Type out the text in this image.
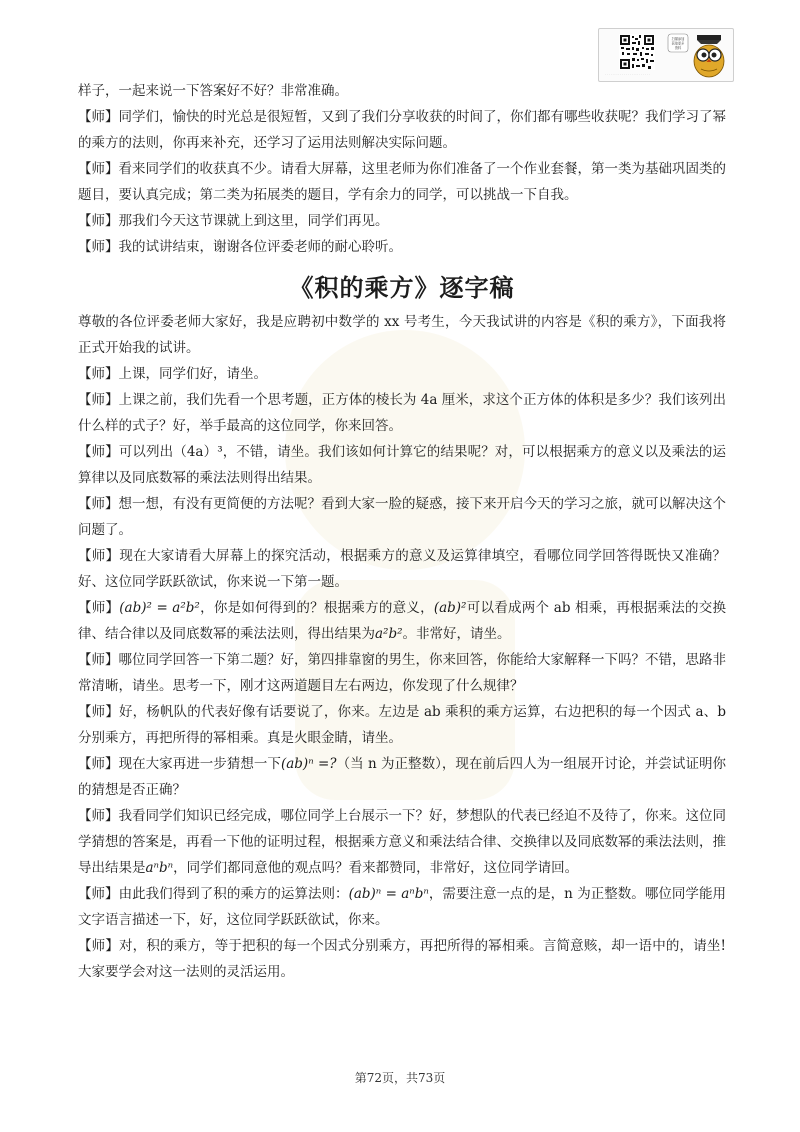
· · · · · · · · · · · · · · · · · · · · · · · ·
扫描添加
获取更多
资料

样子，一起来说一下答案好不好？非常准确。

【师】同学们，愉快的时光总是很短暂，又到了我们分享收获的时间了，你们都有哪些收获呢？我们学习了幂的乘方的法则，你再来补充，还学习了运用法则解决实际问题。

【师】看来同学们的收获真不少。请看大屏幕，这里老师为你们准备了一个作业套餐，第一类为基础巩固类的题目，要认真完成；第二类为拓展类的题目，学有余力的同学，可以挑战一下自我。

【师】那我们今天这节课就上到这里，同学们再见。

【师】我的试讲结束，谢谢各位评委老师的耐心聆听。

《积的乘方》逐字稿

尊敬的各位评委老师大家好，我是应聘初中数学的 xx 号考生，今天我试讲的内容是《积的乘方》，下面我将正式开始我的试讲。

【师】上课，同学们好，请坐。

【师】上课之前，我们先看一个思考题，正方体的棱长为 4a 厘米，求这个正方体的体积是多少？我们该列出什么样的式子？好，举手最高的这位同学，你来回答。

【师】可以列出（4a）³，不错，请坐。我们该如何计算它的结果呢？对，可以根据乘方的意义以及乘法的运算律以及同底数幂的乘法法则得出结果。

【师】想一想，有没有更简便的方法呢？看到大家一脸的疑惑，接下来开启今天的学习之旅，就可以解决这个问题了。

【师】现在大家请看大屏幕上的探究活动，根据乘方的意义及运算律填空，看哪位同学回答得既快又准确？好、这位同学跃跃欲试，你来说一下第一题。

【师】(ab)² = a²b²，你是如何得到的？根据乘方的意义，(ab)²可以看成两个 ab 相乘，再根据乘法的交换律、结合律以及同底数幂的乘法法则，得出结果为a²b²。非常好，请坐。

【师】哪位同学回答一下第二题？好，第四排靠窗的男生，你来回答，你能给大家解释一下吗？不错，思路非常清晰，请坐。思考一下，刚才这两道题目左右两边，你发现了什么规律？

【师】好，杨帆队的代表好像有话要说了，你来。左边是 ab 乘积的乘方运算，右边把积的每一个因式 a、b 分别乘方，再把所得的幂相乘。真是火眼金睛，请坐。

【师】现在大家再进一步猜想一下(ab)ⁿ =?（当 n 为正整数），现在前后四人为一组展开讨论，并尝试证明你的猜想是否正确？

【师】我看同学们知识已经完成，哪位同学上台展示一下？好，梦想队的代表已经迫不及待了，你来。这位同学猜想的答案是，再看一下他的证明过程，根据乘方意义和乘法结合律、交换律以及同底数幂的乘法法则，推导出结果是aⁿbⁿ，同学们都同意他的观点吗？看来都赞同，非常好，这位同学请回。

【师】由此我们得到了积的乘方的运算法则：(ab)ⁿ = aⁿbⁿ，需要注意一点的是，n 为正整数。哪位同学能用文字语言描述一下，好，这位同学跃跃欲试，你来。

【师】对，积的乘方，等于把积的每一个因式分别乘方，再把所得的幂相乘。言简意赅，却一语中的，请坐!大家要学会对这一法则的灵活运用。

第72页，共73页
